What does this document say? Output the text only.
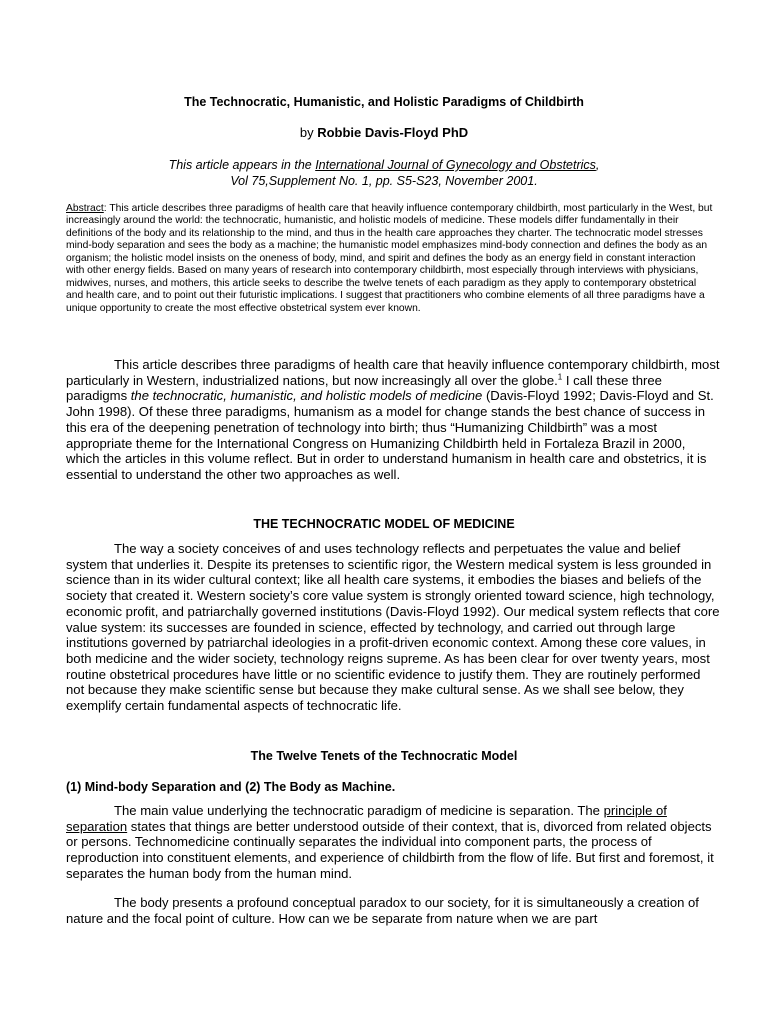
The Technocratic, Humanistic, and Holistic Paradigms of Childbirth
by Robbie Davis-Floyd PhD
This article appears in the International Journal of Gynecology and Obstetrics,
Vol 75,Supplement No. 1, pp. S5-S23, November 2001.
Abstract: This article describes three paradigms of health care that heavily influence contemporary childbirth, most particularly in the West, but increasingly around the world: the technocratic, humanistic, and holistic models of medicine. These models differ fundamentally in their definitions of the body and its relationship to the mind, and thus in the health care approaches they charter. The technocratic model stresses mind-body separation and sees the body as a machine; the humanistic model emphasizes mind-body connection and defines the body as an organism; the holistic model insists on the oneness of body, mind, and spirit and defines the body as an energy field in constant interaction with other energy fields. Based on many years of research into contemporary childbirth, most especially through interviews with physicians, midwives, nurses, and mothers, this article seeks to describe the twelve tenets of each paradigm as they apply to contemporary obstetrical and health care, and to point out their futuristic implications. I suggest that practitioners who combine elements of all three paradigms have a unique opportunity to create the most effective obstetrical system ever known.
This article describes three paradigms of health care that heavily influence contemporary childbirth, most particularly in Western, industrialized nations, but now increasingly all over the globe.$^1$ I call these three paradigms the technocratic, humanistic, and holistic models of medicine (Davis-Floyd 1992; Davis-Floyd and St. John 1998). Of these three paradigms, humanism as a model for change stands the best chance of success in this era of the deepening penetration of technology into birth; thus “Humanizing Childbirth” was a most appropriate theme for the International Congress on Humanizing Childbirth held in Fortaleza Brazil in 2000, which the articles in this volume reflect. But in order to understand humanism in health care and obstetrics, it is essential to understand the other two approaches as well.
THE TECHNOCRATIC MODEL OF MEDICINE
The way a society conceives of and uses technology reflects and perpetuates the value and belief system that underlies it. Despite its pretenses to scientific rigor, the Western medical system is less grounded in science than in its wider cultural context; like all health care systems, it embodies the biases and beliefs of the society that created it. Western society’s core value system is strongly oriented toward science, high technology, economic profit, and patriarchally governed institutions (Davis-Floyd 1992). Our medical system reflects that core value system: its successes are founded in science, effected by technology, and carried out through large institutions governed by patriarchal ideologies in a profit-driven economic context. Among these core values, in both medicine and the wider society, technology reigns supreme. As has been clear for over twenty years, most routine obstetrical procedures have little or no scientific evidence to justify them. They are routinely performed not because they make scientific sense but because they make cultural sense. As we shall see below, they exemplify certain fundamental aspects of technocratic life.
The Twelve Tenets of the Technocratic Model
(1) Mind-body Separation and (2) The Body as Machine.
The main value underlying the technocratic paradigm of medicine is separation. The principle of separation states that things are better understood outside of their context, that is, divorced from related objects or persons. Technomedicine continually separates the individual into component parts, the process of reproduction into constituent elements, and experience of childbirth from the flow of life. But first and foremost, it separates the human body from the human mind.
The body presents a profound conceptual paradox to our society, for it is simultaneously a creation of nature and the focal point of culture. How can we be separate from nature when we are part
